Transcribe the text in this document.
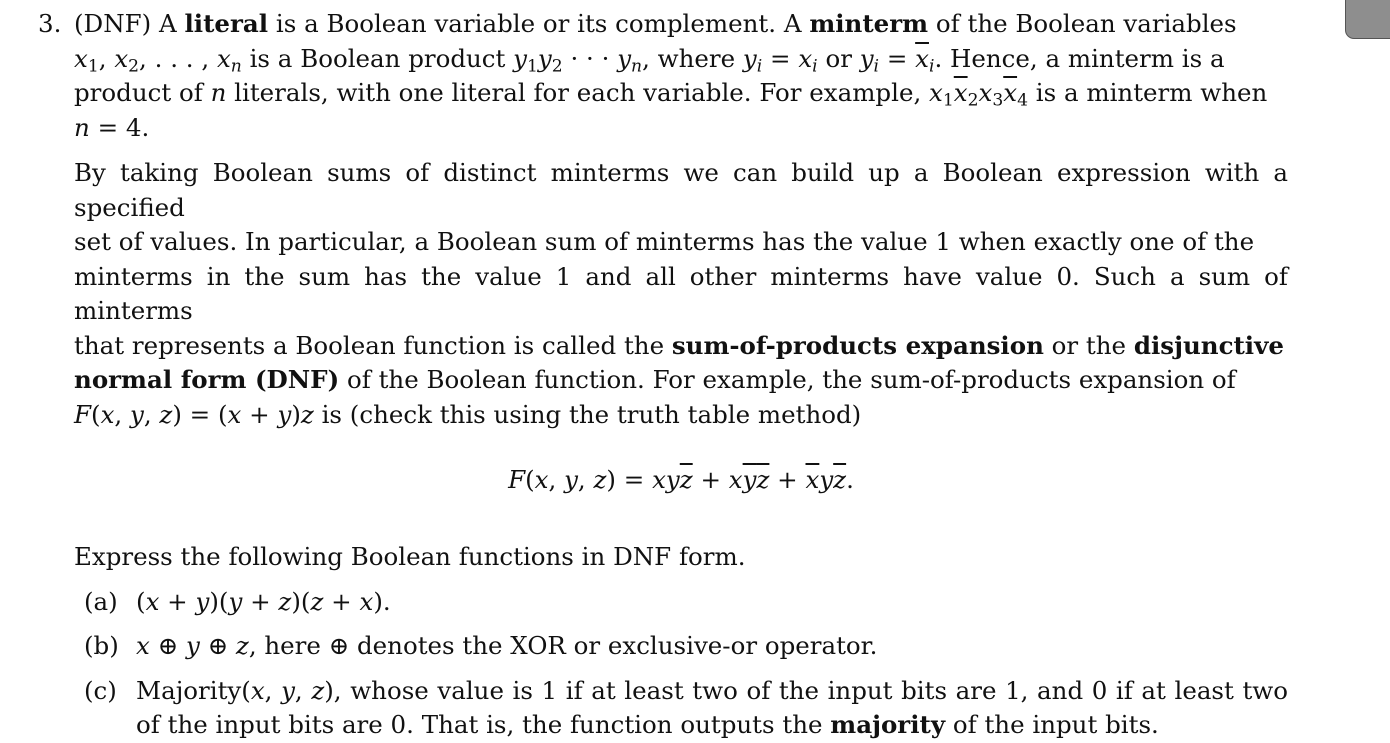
3. (DNF) A literal is a Boolean variable or its complement. A minterm of the Boolean variables

$x_1$, $x_2$, . . . , $x_n$ is a Boolean product $y_1y_2$ · · · $y_n$, where $y_i = x_i$ or $y_i = \overline{x}_i$. Hence, a minterm is a

product of n literals, with one literal for each variable. For example, $x_1\overline{x}_2x_3\overline{x}_4$ is a minterm when

n = 4.

By taking Boolean sums of distinct minterms we can build up a Boolean expression with a specified

set of values. In particular, a Boolean sum of minterms has the value 1 when exactly one of the

minterms in the sum has the value 1 and all other minterms have value 0. Such a sum of minterms

that represents a Boolean function is called the sum-of-products expansion or the disjunctive

normal form (DNF) of the Boolean function. For example, the sum-of-products expansion of

F(x, y, z) = (x + y)z is (check this using the truth table method)

F(x, y, $z) = xy\overline{z} + x\overline{y}\overline{z} + \overline{x}y\overline{z}$.

Express the following Boolean functions in DNF form.

(a) (x + y)(y + z)(z + x).
(b) x ⊕ y ⊕ z, here ⊕ denotes the XOR or exclusive-or operator.
(c) Majority(x, y, z), whose value is 1 if at least two of the input bits are 1, and 0 if at least two of the input bits are 0. That is, the function outputs the majority of the input bits.
